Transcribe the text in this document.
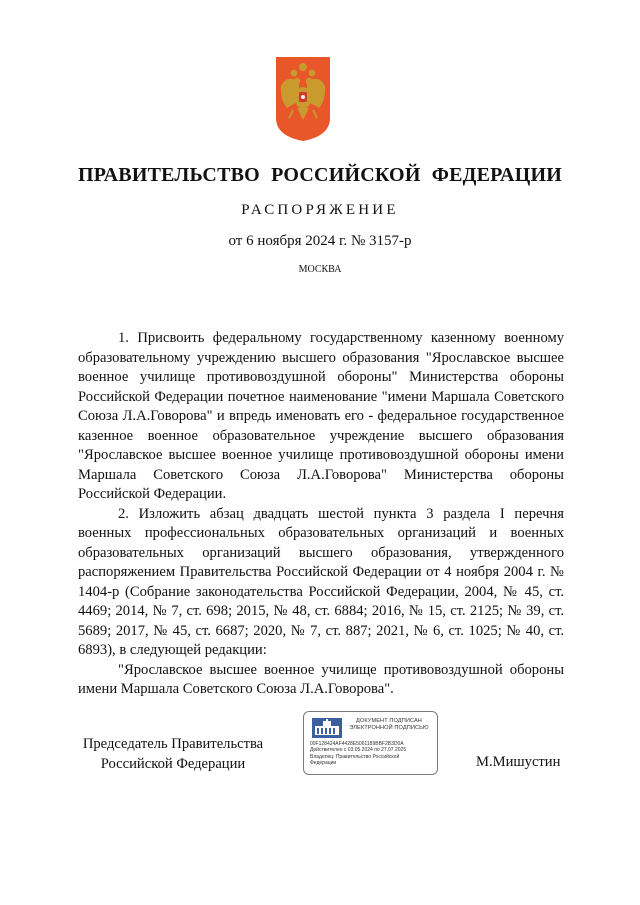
ПРАВИТЕЛЬСТВО РОССИЙСКОЙ ФЕДЕРАЦИИ
РАСПОРЯЖЕНИЕ
от 6 ноября 2024 г. № 3157-р
МОСКВА

1. Присвоить федеральному государственному казенному военному образовательному учреждению высшего образования "Ярославское высшее военное училище противовоздушной обороны" Министерства обороны Российской Федерации почетное наименование "имени Маршала Советского Союза Л.А.Говорова" и впредь именовать его - федеральное государственное казенное военное образовательное учреждение высшего образования "Ярославское высшее военное училище противовоздушной обороны имени Маршала Советского Союза Л.А.Говорова" Министерства обороны Российской Федерации.

2. Изложить абзац двадцать шестой пункта 3 раздела I перечня военных профессиональных образовательных организаций и военных образовательных организаций высшего образования, утвержденного распоряжением Правительства Российской Федерации от 4 ноября 2004 г. № 1404-р (Собрание законодательства Российской Федерации, 2004, № 45, ст. 4469; 2014, № 7, ст. 698; 2015, № 48, ст. 6884; 2016, № 15, ст. 2125; № 39, ст. 5689; 2017, № 45, ст. 6687; 2020, № 7, ст. 887; 2021, № 6, ст. 1025; № 40, ст. 6893), в следующей редакции:

"Ярославское высшее военное училище противовоздушной обороны имени Маршала Советского Союза Л.А.Говорова".

Председатель Правительства
Российской Федерации
ДОКУМЕНТ ПОДПИСАН
ЭЛЕКТРОННОЙ ПОДПИСЬЮ
00F128424AF4428E5061189BBF2B3D0A
Действителен с 03.05.2024 по 27.07.2025
Владелец: Правительство Российской
Федерации	М.Мишустин
